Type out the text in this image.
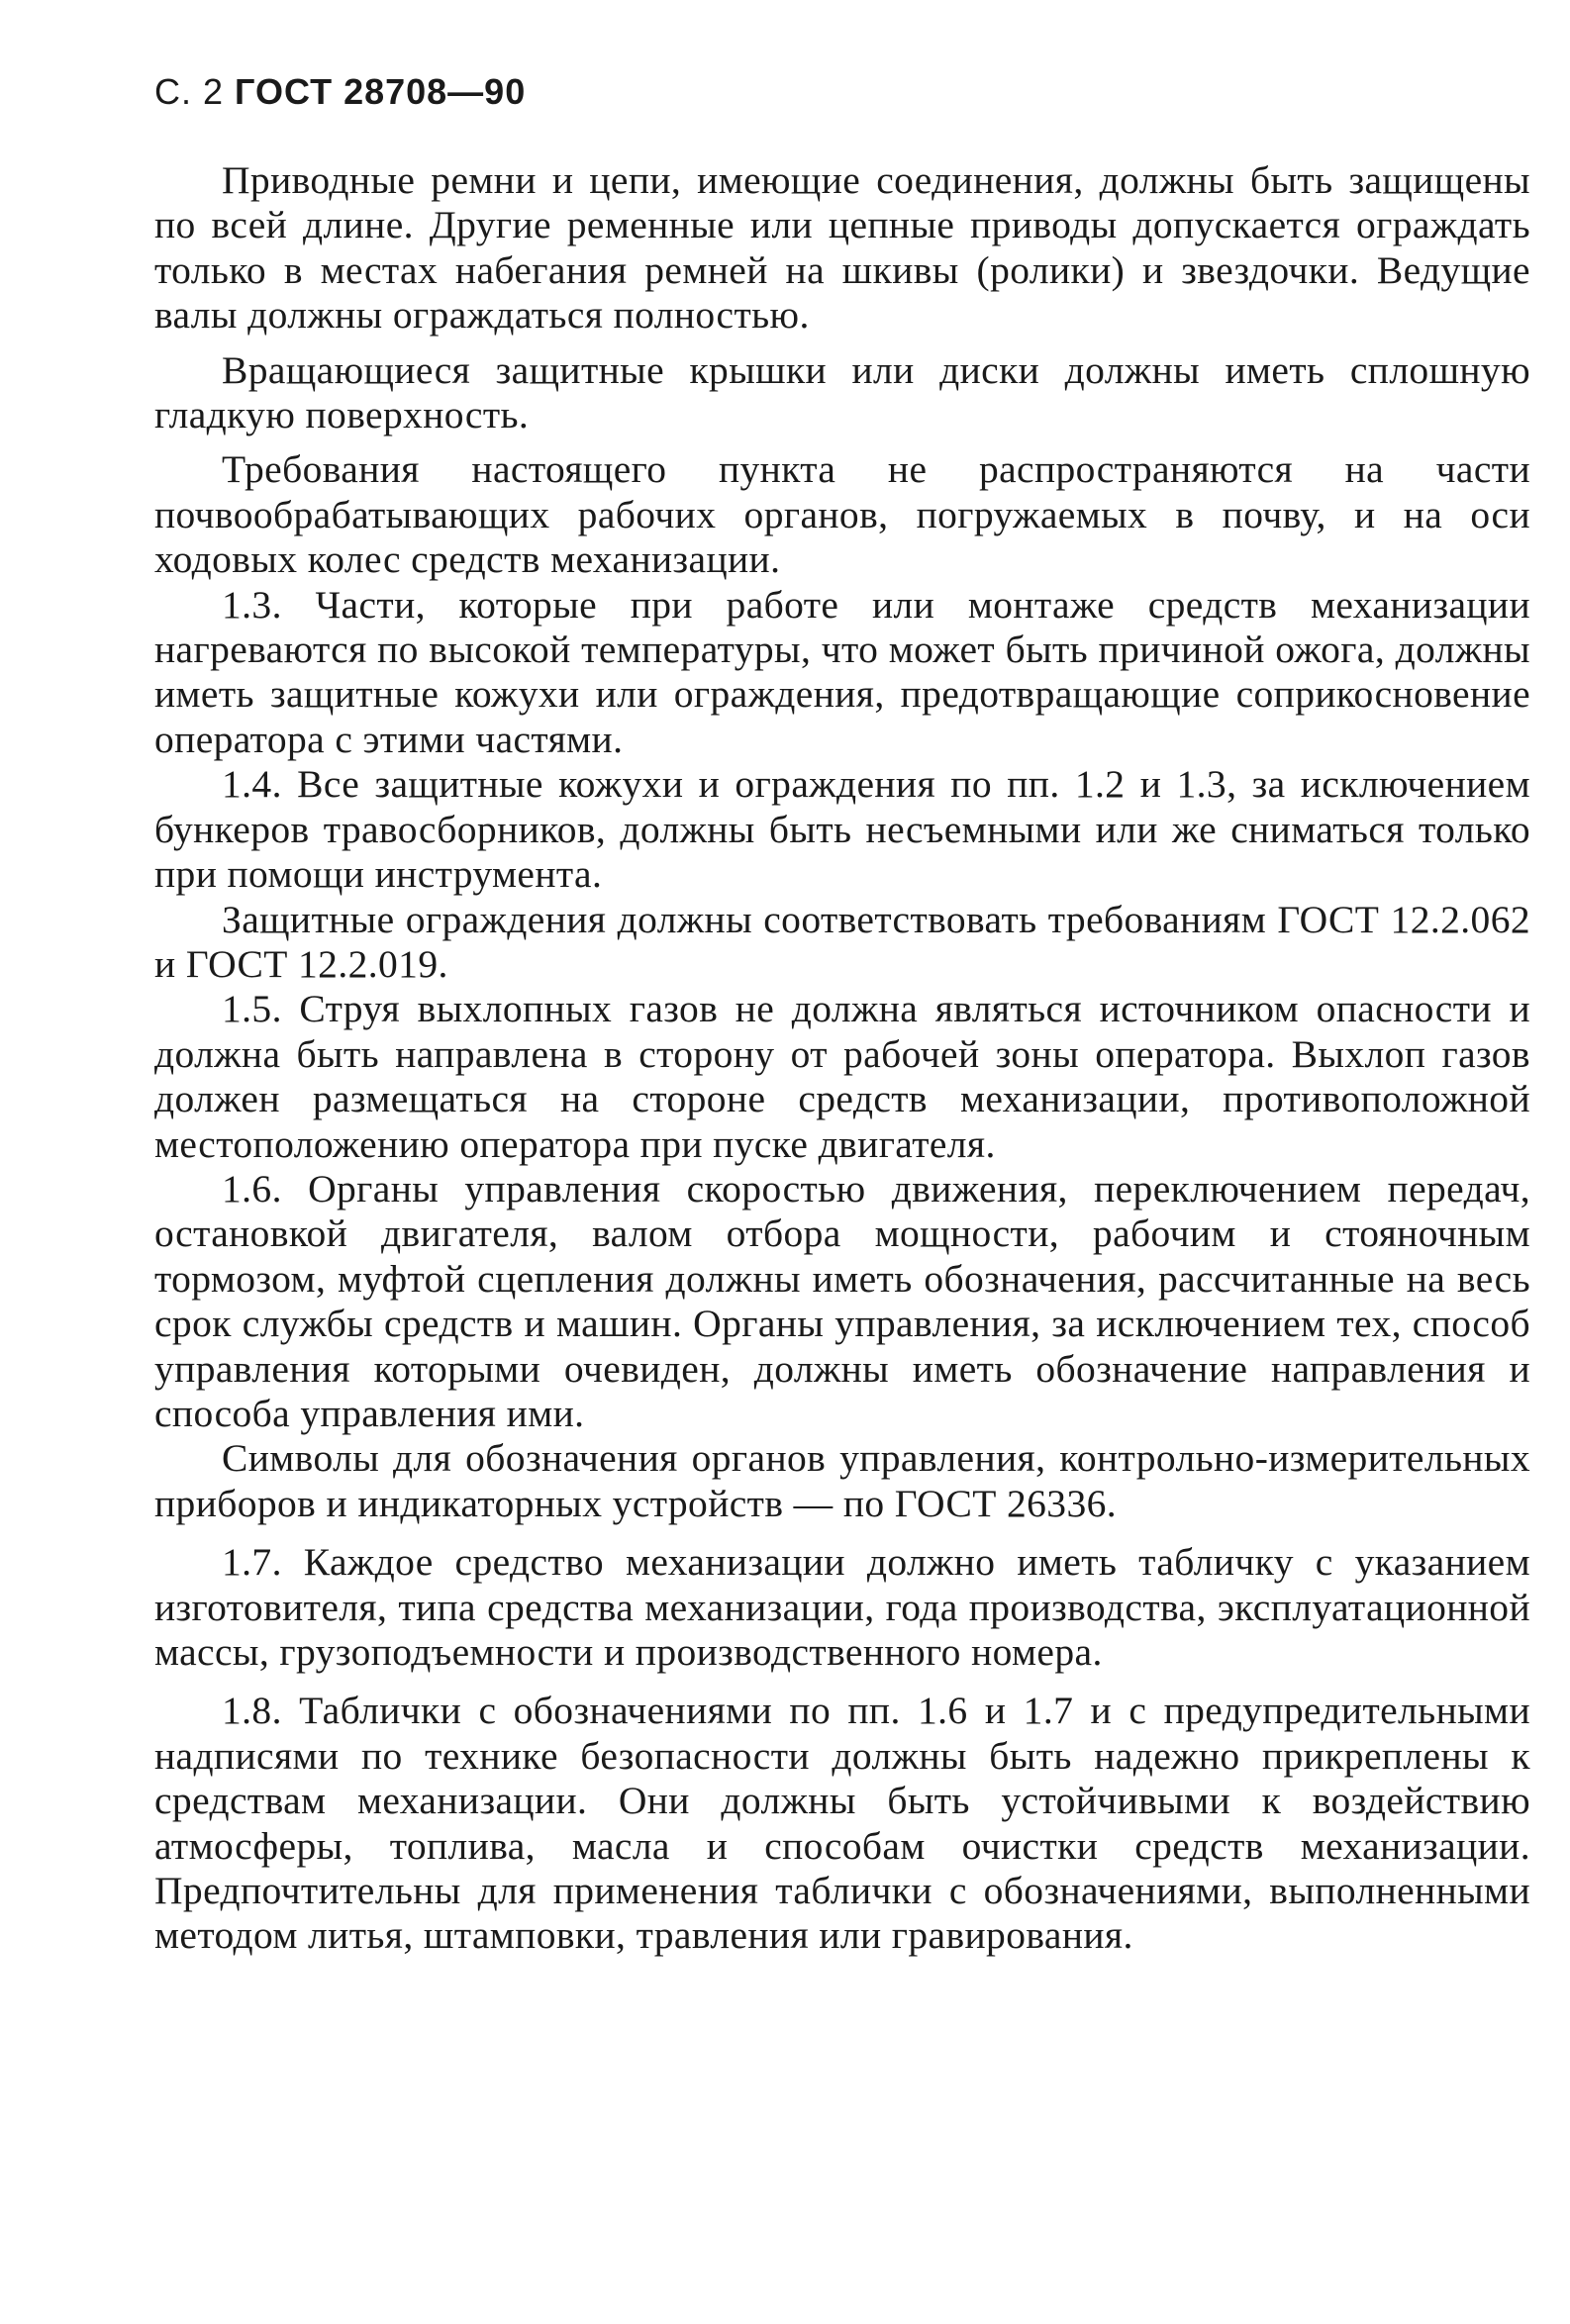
С. 2 ГОСТ 28708—90

Приводные ремни и цепи, имеющие соединения, должны быть защищены по всей длине. Другие ременные или цепные приводы допускается ограждать только в местах набегания ремней на шкивы (ролики) и звездочки. Ведущие валы должны ограждаться полностью.

Вращающиеся защитные крышки или диски должны иметь сплошную гладкую поверхность.

Требования настоящего пункта не распространяются на части почвообрабатывающих рабочих органов, погружаемых в почву, и на оси ходовых колес средств механизации.

1.3. Части, которые при работе или монтаже средств механизации нагреваются по высокой температуры, что может быть причиной ожога, должны иметь защитные кожухи или ограждения, предотвращающие соприкосновение оператора с этими частями.

1.4. Все защитные кожухи и ограждения по пп. 1.2 и 1.3, за исключением бункеров травосборников, должны быть несъемными или же сниматься только при помощи инструмента.

Защитные ограждения должны соответствовать требованиям ГОСТ 12.2.062 и ГОСТ 12.2.019.

1.5. Струя выхлопных газов не должна являться источником опасности и должна быть направлена в сторону от рабочей зоны оператора. Выхлоп газов должен размещаться на стороне средств механизации, противоположной местоположению оператора при пуске двигателя.

1.6. Органы управления скоростью движения, переключением передач, остановкой двигателя, валом отбора мощности, рабочим и стояночным тормозом, муфтой сцепления должны иметь обозначения, рассчитанные на весь срок службы средств и машин. Органы управления, за исключением тех, способ управления которыми очевиден, должны иметь обозначение направления и способа управления ими.

Символы для обозначения органов управления, контрольно-измерительных приборов и индикаторных устройств — по ГОСТ 26336.

1.7. Каждое средство механизации должно иметь табличку с указанием изготовителя, типа средства механизации, года производства, эксплуатационной массы, грузоподъемности и производственного номера.

1.8. Таблички с обозначениями по пп. 1.6 и 1.7 и с предупредительными надписями по технике безопасности должны быть надежно прикреплены к средствам механизации. Они должны быть устойчивыми к воздействию атмосферы, топлива, масла и способам очистки средств механизации. Предпочтительны для применения таблички с обозначениями, выполненными методом литья, штамповки, травления или гравирования.
